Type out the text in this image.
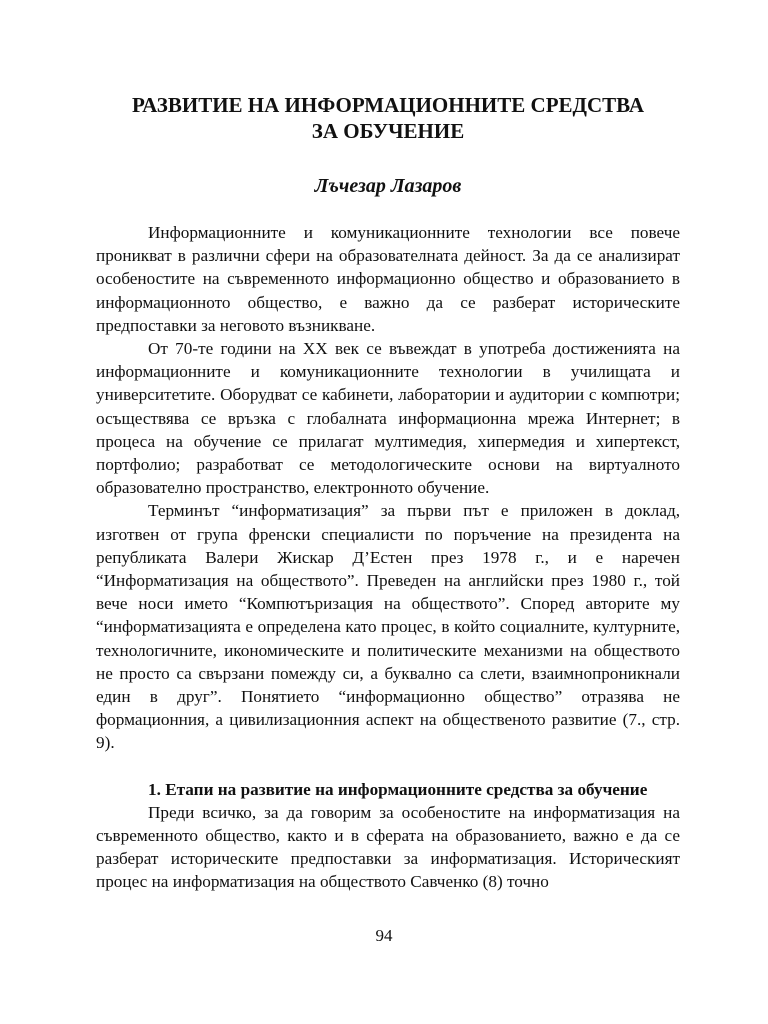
РАЗВИТИЕ НА ИНФОРМАЦИОННИТЕ СРЕДСТВА
ЗА ОБУЧЕНИЕ

Лъчезар Лазаров

Информационните и комуникационните технологии все повече проникват в различни сфери на образователната дейност. За да се анализират особеностите на съвременното информационно общество и образованието в информационното общество, е важно да се разберат историческите предпоставки за неговото възникване.

От 70-те години на XX век се въвеждат в употреба достиженията на информационните и комуникационните технологии в училищата и университетите. Оборудват се кабинети, лаборатории и аудитории с компютри; осъществява се връзка с глобалната информационна мрежа Интернет; в процеса на обучение се прилагат мултимедия, хипермедия и хипертекст, портфолио; разработват се методологическите основи на виртуалното образователно пространство, електронното обучение.

Терминът “информатизация” за първи път е приложен в доклад, изготвен от група френски специалисти по поръчение на президента на републиката Валери Жискар Д’Естен през 1978 г., и е наречен “Информатизация на обществото”. Преведен на английски през 1980 г., той вече носи името “Компютъризация на обществото”. Според авторите му “информатизацията е определена като процес, в който социалните, културните, технологичните, икономическите и политическите механизми на обществото не просто са свързани помежду си, а буквално са слети, взаимнопроникнали един в друг”. Понятието “информационно общество” отразява не формационния, а цивилизационния аспект на общественото развитие (7., стр. 9).

1. Етапи на развитие на информационните средства за обучение

Преди всичко, за да говорим за особеностите на информатизация на съвременното общество, както и в сферата на образованието, важно е да се разберат историческите предпоставки за информатизация. Историческият процес на информатизация на обществото Савченко (8) точно

94
